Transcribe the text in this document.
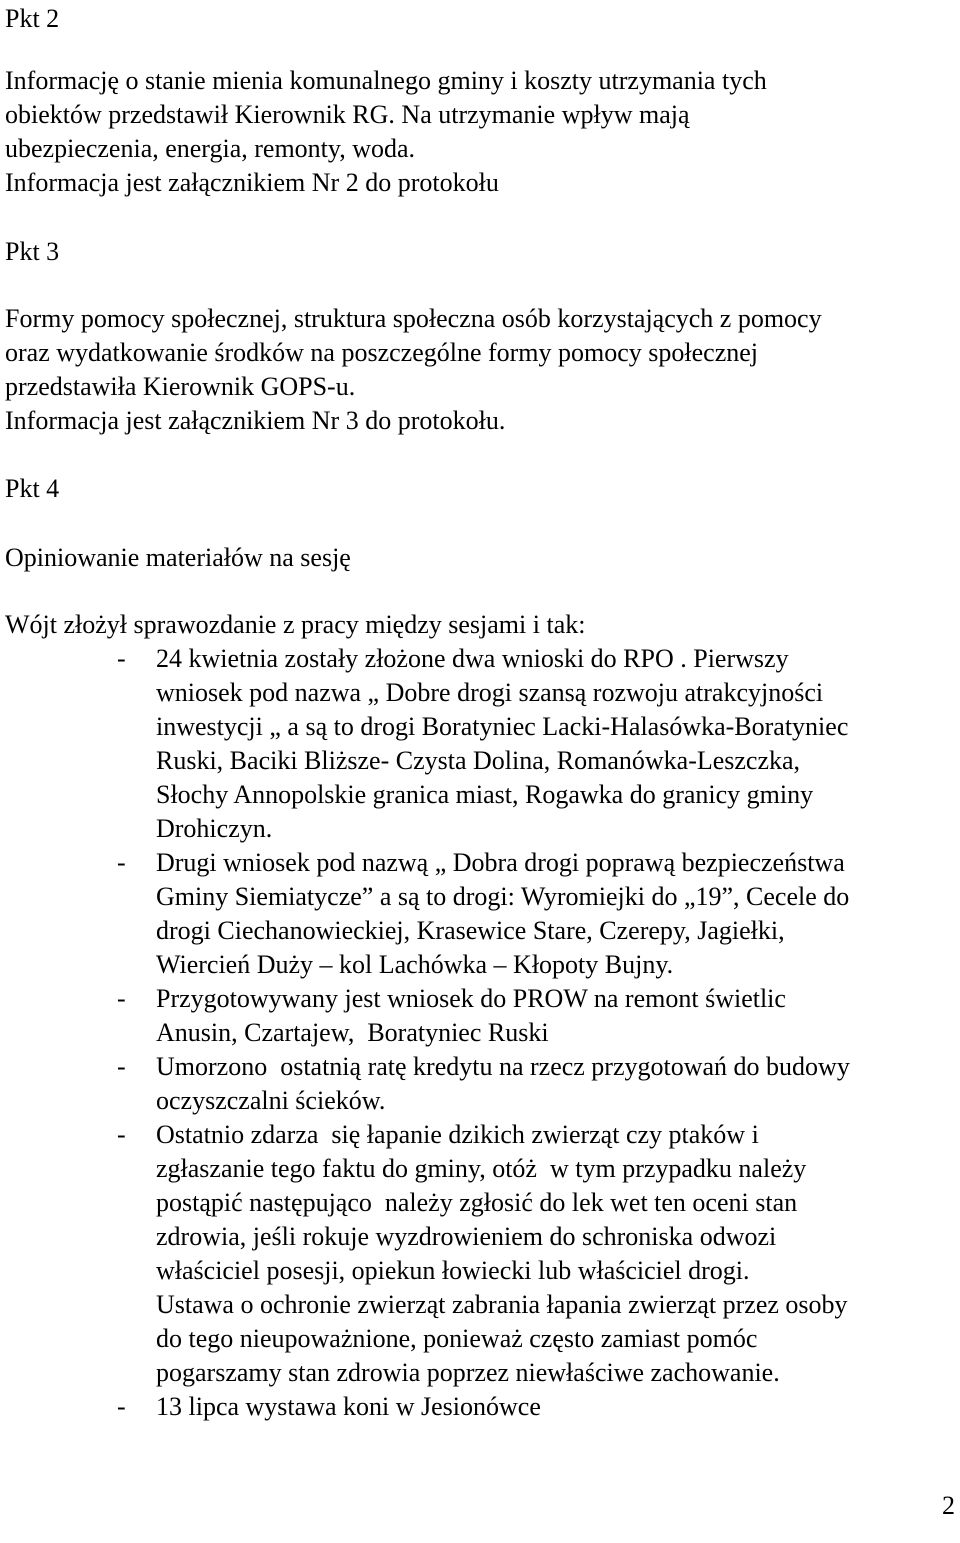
Pkt 2
Informację o stanie mienia komunalnego gminy i koszty utrzymania tych
obiektów przedstawił Kierownik RG. Na utrzymanie wpływ mają
ubezpieczenia, energia, remonty, woda.
Informacja jest załącznikiem Nr 2 do protokołu
Pkt 3
Formy pomocy społecznej, struktura społeczna osób korzystających z pomocy
oraz wydatkowanie środków na poszczególne formy pomocy społecznej
przedstawiła Kierownik GOPS-u.
Informacja jest załącznikiem Nr 3 do protokołu.
Pkt 4
Opiniowanie materiałów na sesję
Wójt złożył sprawozdanie z pracy między sesjami i tak:
-	24 kwietnia zostały złożone dwa wnioski do RPO . Pierwszy
wniosek pod nazwa „ Dobre drogi szansą rozwoju atrakcyjności
inwestycji „ a są to drogi Boratyniec Lacki-Halasówka-Boratyniec
Ruski, Baciki Bliższe- Czysta Dolina, Romanówka-Leszczka,
Słochy Annopolskie granica miast, Rogawka do granicy gminy
Drohiczyn.
-	Drugi wniosek pod nazwą „ Dobra drogi poprawą bezpieczeństwa
Gminy Siemiatycze” a są to drogi: Wyromiejki do „19”, Cecele do
drogi Ciechanowieckiej, Krasewice Stare, Czerepy, Jagiełki,
Wiercień Duży – kol Lachówka – Kłopoty Bujny.
-	Przygotowywany jest wniosek do PROW na remont świetlic
Anusin, Czartajew,  Boratyniec Ruski
-	Umorzono  ostatnią ratę kredytu na rzecz przygotowań do budowy
oczyszczalni ścieków.
-	Ostatnio zdarza  się łapanie dzikich zwierząt czy ptaków i
zgłaszanie tego faktu do gminy, otóż  w tym przypadku należy
postąpić następująco  należy zgłosić do lek wet ten oceni stan
zdrowia, jeśli rokuje wyzdrowieniem do schroniska odwozi
właściciel posesji, opiekun łowiecki lub właściciel drogi.
Ustawa o ochronie zwierząt zabrania łapania zwierząt przez osoby
do tego nieupoważnione, ponieważ często zamiast pomóc
pogarszamy stan zdrowia poprzez niewłaściwe zachowanie.
-	13 lipca wystawa koni w Jesionówce
2
